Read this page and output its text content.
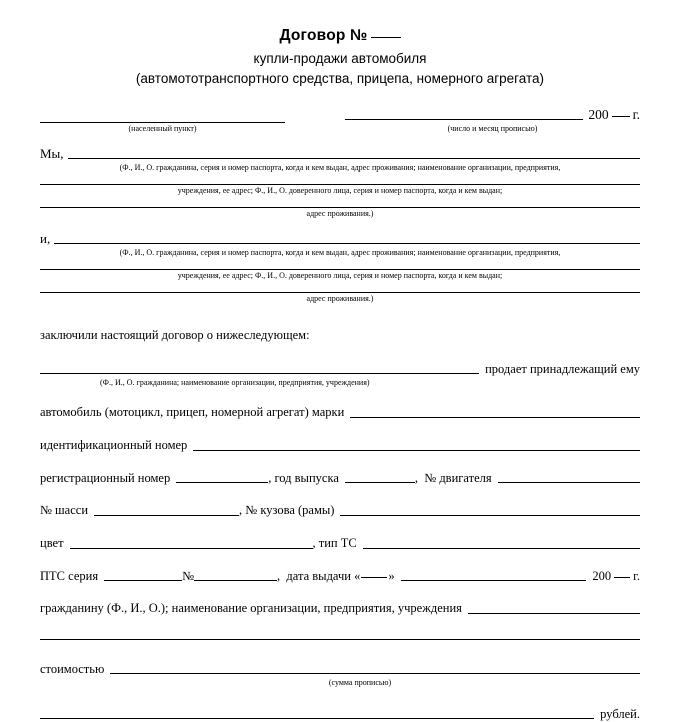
Договор №
купли-продажи автомобиля
(автомототранспортного средства, прицепа, номерного агрегата)
(населенный пункт)
200 г.
(число и месяц прописью)
Мы,
(Ф., И., О. гражданина, серия и номер паспорта, когда и кем выдан, адрес проживания; наименование организации, предприятия,
учреждения, ее адрес; Ф., И., О. доверенного лица, серия и номер паспорта, когда и кем выдан;
адрес проживания.)
и,
(Ф., И., О. гражданина, серия и номер паспорта, когда и кем выдан, адрес проживания; наименование организации, предприятия,
учреждения, ее адрес; Ф., И., О. доверенного лица, серия и номер паспорта, когда и кем выдан;
адрес проживания.)
заключили настоящий договор о нижеследующем:
продает принадлежащий ему
(Ф., И., О. гражданина; наименование организации, предприятия, учреждения)
автомобиль (мотоцикл, прицеп, номерной агрегат) марки
идентификационный номер
регистрационный номер	, год выпуска	,  № двигателя
№ шасси	, № кузова (рамы)
цвет	, тип ТС
ПТС серия	№	,  дата выдачи « »	200 г.
гражданину (Ф., И., О.); наименование организации, предприятия, учреждения
стоимостью
(сумма прописью)
рублей.
